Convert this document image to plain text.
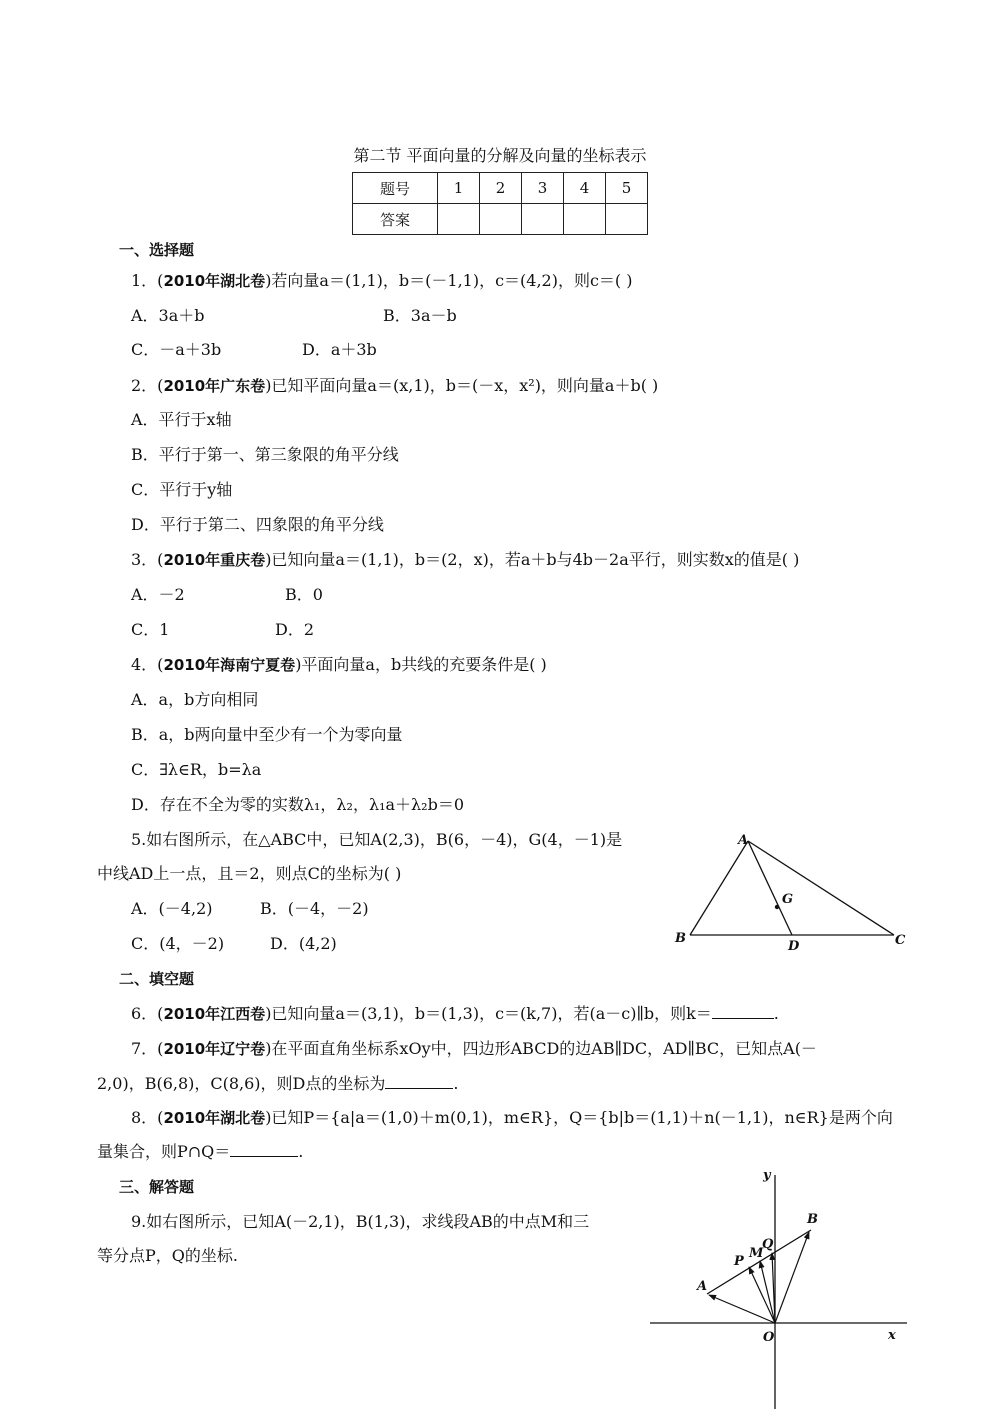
第二节 平面向量的分解及向量的坐标表示
题号	1	2	3	4	5
答案					
一、选择题
1．(2010年湖北卷)若向量a＝(1,1)，b＝(－1,1)，c＝(4,2)，则c＝( )
A．3a＋b	B．3a－b
C．－a＋3b	D．a＋3b
2．(2010年广东卷)已知平面向量a＝(x,1)，b＝(－x，x²)，则向量a＋b( )
A．平行于x轴
B．平行于第一、第三象限的角平分线
C．平行于y轴
D．平行于第二、四象限的角平分线
3．(2010年重庆卷)已知向量a＝(1,1)，b＝(2，x)，若a＋b与4b－2a平行，则实数x的值是( )
A．－2	B．0
C．1	D．2
4．(2010年海南宁夏卷)平面向量a，b共线的充要条件是( )
A．a，b方向相同
B．a，b两向量中至少有一个为零向量
C．∃λ∈R，b=λa
D．存在不全为零的实数λ₁，λ₂，λ₁a＋λ₂b＝0
5.如右图所示，在△ABC中，已知A(2,3)，B(6，－4)，G(4，－1)是
中线AD上一点，且＝2，则点C的坐标为( )
A．(－4,2)	B．(－4，－2)
C．(4，－2)	D．(4,2)
A
B	C
D
G
二、填空题
6．(2010年江西卷)已知向量a＝(3,1)，b＝(1,3)，c＝(k,7)，若(a－c)∥b，则k＝	.
7．(2010年辽宁卷)在平面直角坐标系xOy中，四边形ABCD的边AB∥DC，AD∥BC，已知点A(－
2,0)，B(6,8)，C(8,6)，则D点的坐标为	.
8．(2010年湖北卷)已知P＝{a|a＝(1,0)＋m(0,1)，m∈R}，Q＝{b|b＝(1,1)＋n(－1,1)，n∈R}是两个向
量集合，则P∩Q＝	.
三、解答题
9.如右图所示，已知A(－2,1)，B(1,3)，求线段AB的中点M和三
等分点P，Q的坐标.
y
x
O
A
B
P
M
Q
